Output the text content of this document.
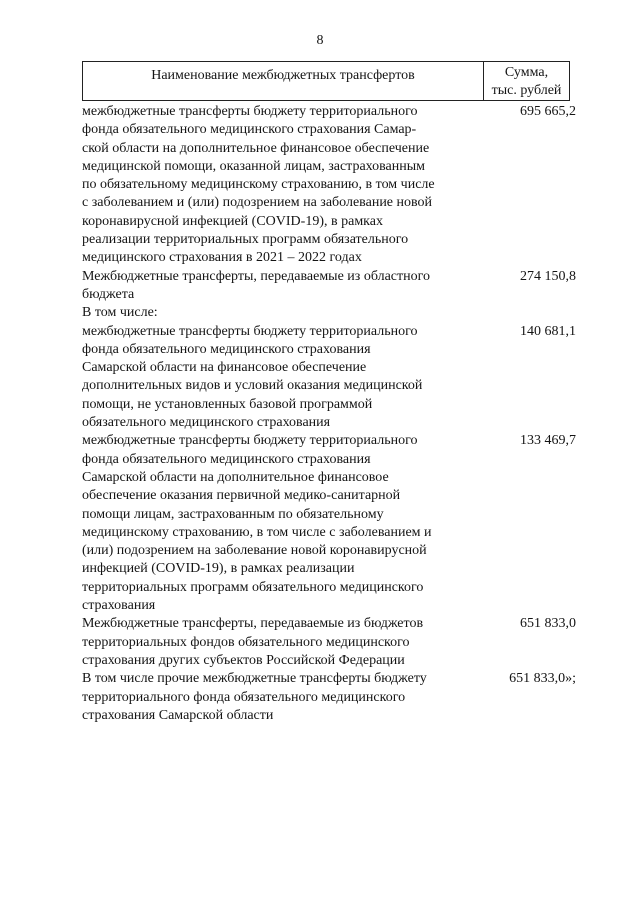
8
Наименование межбюджетных трансфертов	Сумма,
тыс. рублей
межбюджетные трансферты бюджету территориального
фонда обязательного медицинского страхования Самар-
ской области на дополнительное финансовое обеспечение
медицинской помощи, оказанной лицам, застрахованным
по обязательному медицинскому страхованию, в том числе
с заболеванием и (или) подозрением на заболевание новой
коронавирусной инфекцией (COVID-19), в рамках
реализации территориальных программ обязательного
медицинского страхования в 2021 – 2022 годах
695 665,2
Межбюджетные трансферты, передаваемые из областного
бюджета
274 150,8
В том числе:
межбюджетные трансферты бюджету территориального
фонда обязательного медицинского страхования
Самарской области на финансовое обеспечение
дополнительных видов и условий оказания медицинской
помощи, не установленных базовой программой
обязательного медицинского страхования
140 681,1
межбюджетные трансферты бюджету территориального
фонда обязательного медицинского страхования
Самарской области на дополнительное финансовое
обеспечение оказания первичной медико-санитарной
помощи лицам, застрахованным по обязательному
медицинскому страхованию, в том числе с заболеванием и
(или) подозрением на заболевание новой коронавирусной
инфекцией (COVID-19), в рамках реализации
территориальных программ обязательного медицинского
страхования
133 469,7
Межбюджетные трансферты, передаваемые из бюджетов
территориальных фондов обязательного медицинского
страхования других субъектов Российской Федерации
651 833,0
В том числе прочие межбюджетные трансферты бюджету
территориального фонда обязательного медицинского
страхования Самарской области
651 833,0»;
